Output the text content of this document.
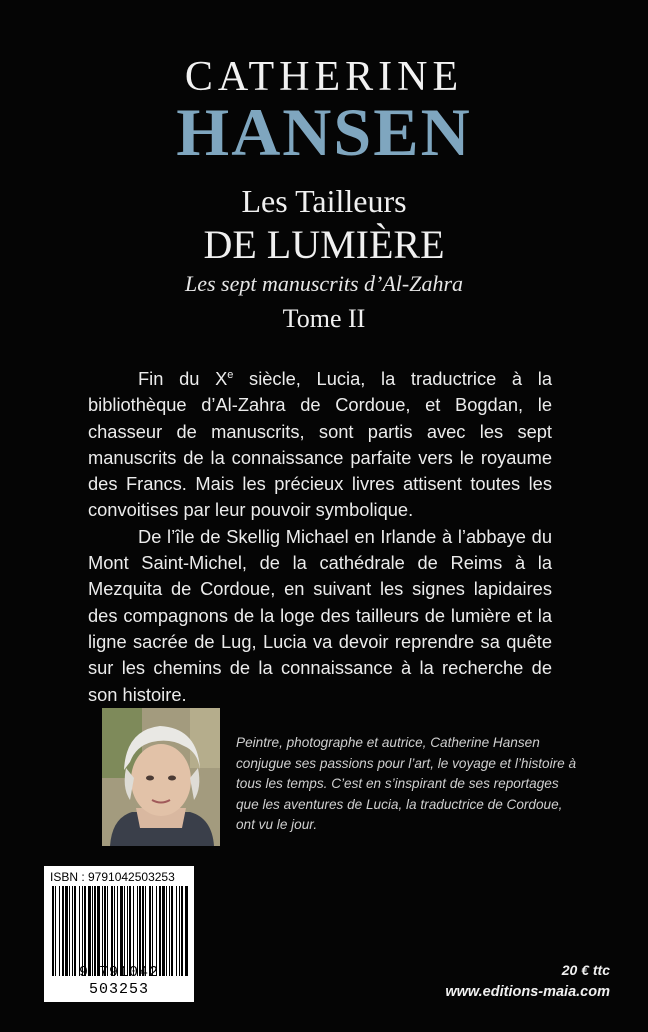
CATHERINE
HANSEN
Les Tailleurs
DE LUMIÈRE
Les sept manuscrits d’Al-Zahra
Tome II

Fin du Xe siècle, Lucia, la traductrice à la bibliothèque d’Al-Zahra de Cordoue, et Bogdan, le chasseur de manuscrits, sont partis avec les sept manuscrits de la connaissance parfaite vers le royaume des Francs. Mais les précieux livres attisent toutes les convoitises par leur pouvoir symbolique.

De l’île de Skellig Michael en Irlande à l’abbaye du Mont Saint-Michel, de la cathédrale de Reims à la Mezquita de Cordoue, en suivant les signes lapidaires des compagnons de la loge des tailleurs de lumière et la ligne sacrée de Lug, Lucia va devoir reprendre sa quête sur les chemins de la connaissance à la recherche de son histoire.

Peintre, photographe et autrice, Catherine Hansen conjugue ses passions pour l’art, le voyage et l’histoire à tous les temps. C’est en s’inspirant de ses reportages que les aventures de Lucia, la traductrice de Cordoue, ont vu le jour.
ISBN : 9791042503253
9 791042 503253
20 € ttc
www.editions-maia.com
